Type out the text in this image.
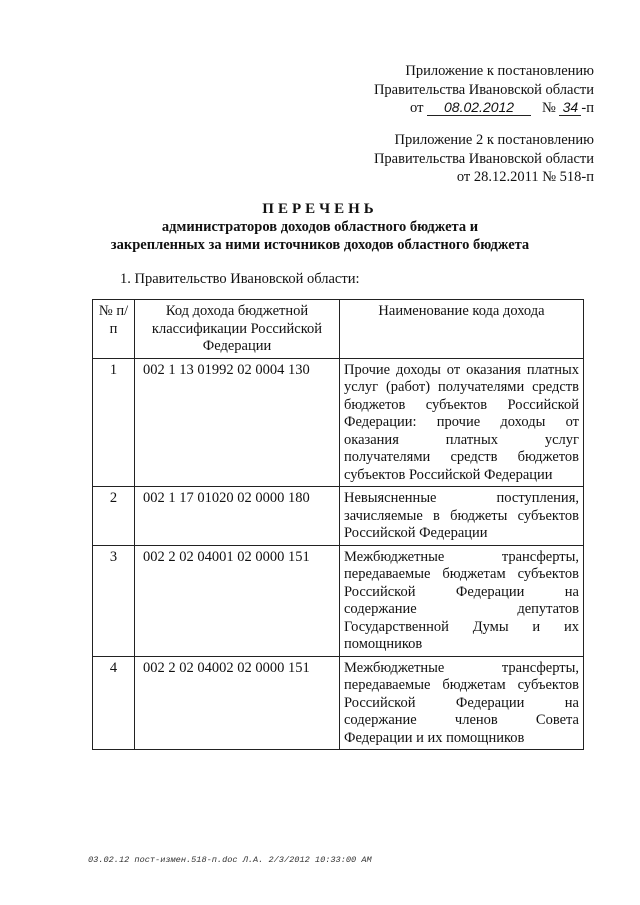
Приложение к постановлению
Правительства Ивановской области
от 08.02.2012 № 34 -п
Приложение 2 к постановлению
Правительства Ивановской области
от 28.12.2011 № 518-п
ПЕРЕЧЕНЬ
администраторов доходов областного бюджета и
закрепленных за ними источников доходов областного бюджета
1. Правительство Ивановской области:
№ п/п	Код дохода бюджетной классификации Российской Федерации	Наименование кода дохода
1	002 1 13 01992 02 0004 130	Прочие доходы от оказания платных услуг (работ) получателями средств бюджетов субъектов Российской Федерации: прочие доходы от оказания платных услуг получателями средств бюджетов субъектов Российской Федерации
2	002 1 17 01020 02 0000 180	Невыясненные поступления, зачисляемые в бюджеты субъектов Российской Федерации
3	002 2 02 04001 02 0000 151	Межбюджетные трансферты, передаваемые бюджетам субъектов Российской Федерации на содержание депутатов Государственной Думы и их помощников
4	002 2 02 04002 02 0000 151	Межбюджетные трансферты, передаваемые бюджетам субъектов Российской Федерации на содержание членов Совета Федерации и их помощников
03.02.12 пост-измен.518-п.doc Л.А. 2/3/2012 10:33:00 AM
